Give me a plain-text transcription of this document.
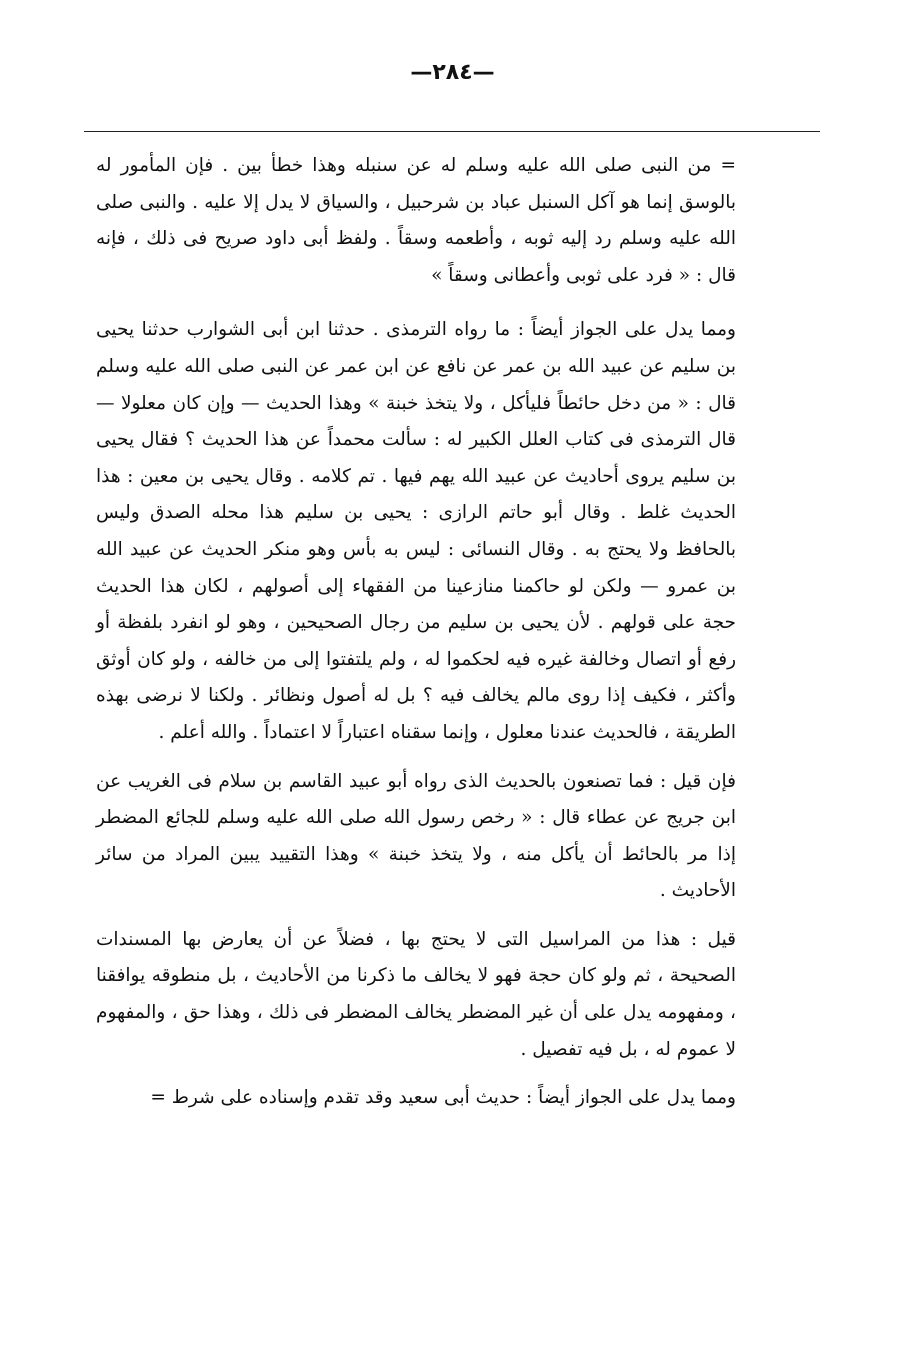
—٢٨٤—

= من النبى صلى الله عليه وسلم له عن سنبله وهذا خطأ بين . فإن المأمور له بالوسق إنما هو آكل السنبل عباد بن شرحبيل ، والسياق لا يدل إلا عليه . والنبى صلى الله عليه وسلم رد إليه ثوبه ، وأطعمه وسقاً . ولفظ أبى داود صريح فى ذلك ، فإنه قال : « فرد على ثوبى وأعطانى وسقاً »

ومما يدل على الجواز أيضاً : ما رواه الترمذى . حدثنا ابن أبى الشوارب حدثنا يحيى بن سليم عن عبيد الله بن عمر عن نافع عن ابن عمر عن النبى صلى الله عليه وسلم قال : « من دخل حائطاً فليأكل ، ولا يتخذ خبنة » وهذا الحديث — وإن كان معلولا — قال الترمذى فى كتاب العلل الكبير له : سألت محمداً عن هذا الحديث ؟ فقال يحيى بن سليم يروى أحاديث عن عبيد الله يهم فيها . تم كلامه . وقال يحيى بن معين : هذا الحديث غلط . وقال أبو حاتم الرازى : يحيى بن سليم هذا محله الصدق وليس بالحافظ ولا يحتج به . وقال النسائى : ليس به بأس وهو منكر الحديث عن عبيد الله بن عمرو — ولكن لو حاكمنا منازعينا من الفقهاء إلى أصولهم ، لكان هذا الحديث حجة على قولهم . لأن يحيى بن سليم من رجال الصحيحين ، وهو لو انفرد بلفظة أو رفع أو اتصال وخالفة غيره فيه لحكموا له ، ولم يلتفتوا إلى من خالفه ، ولو كان أوثق وأكثر ، فكيف إذا روى مالم يخالف فيه ؟ بل له أصول ونظائر . ولكنا لا نرضى بهذه الطريقة ، فالحديث عندنا معلول ، وإنما سقناه اعتباراً لا اعتماداً . والله أعلم .

فإن قيل : فما تصنعون بالحديث الذى رواه أبو عبيد القاسم بن سلام فى الغريب عن ابن جريج عن عطاء قال : « رخص رسول الله صلى الله عليه وسلم للجائع المضطر إذا مر بالحائط أن يأكل منه ، ولا يتخذ خبنة » وهذا التقييد يبين المراد من سائر الأحاديث .

قيل : هذا من المراسيل التى لا يحتج بها ، فضلاً عن أن يعارض بها المسندات الصحيحة ، ثم ولو كان حجة فهو لا يخالف ما ذكرنا من الأحاديث ، بل منطوقه يوافقنا ، ومفهومه يدل على أن غير المضطر يخالف المضطر فى ذلك ، وهذا حق ، والمفهوم لا عموم له ، بل فيه تفصيل .

ومما يدل على الجواز أيضاً : حديث أبى سعيد وقد تقدم وإسناده على شرط =
